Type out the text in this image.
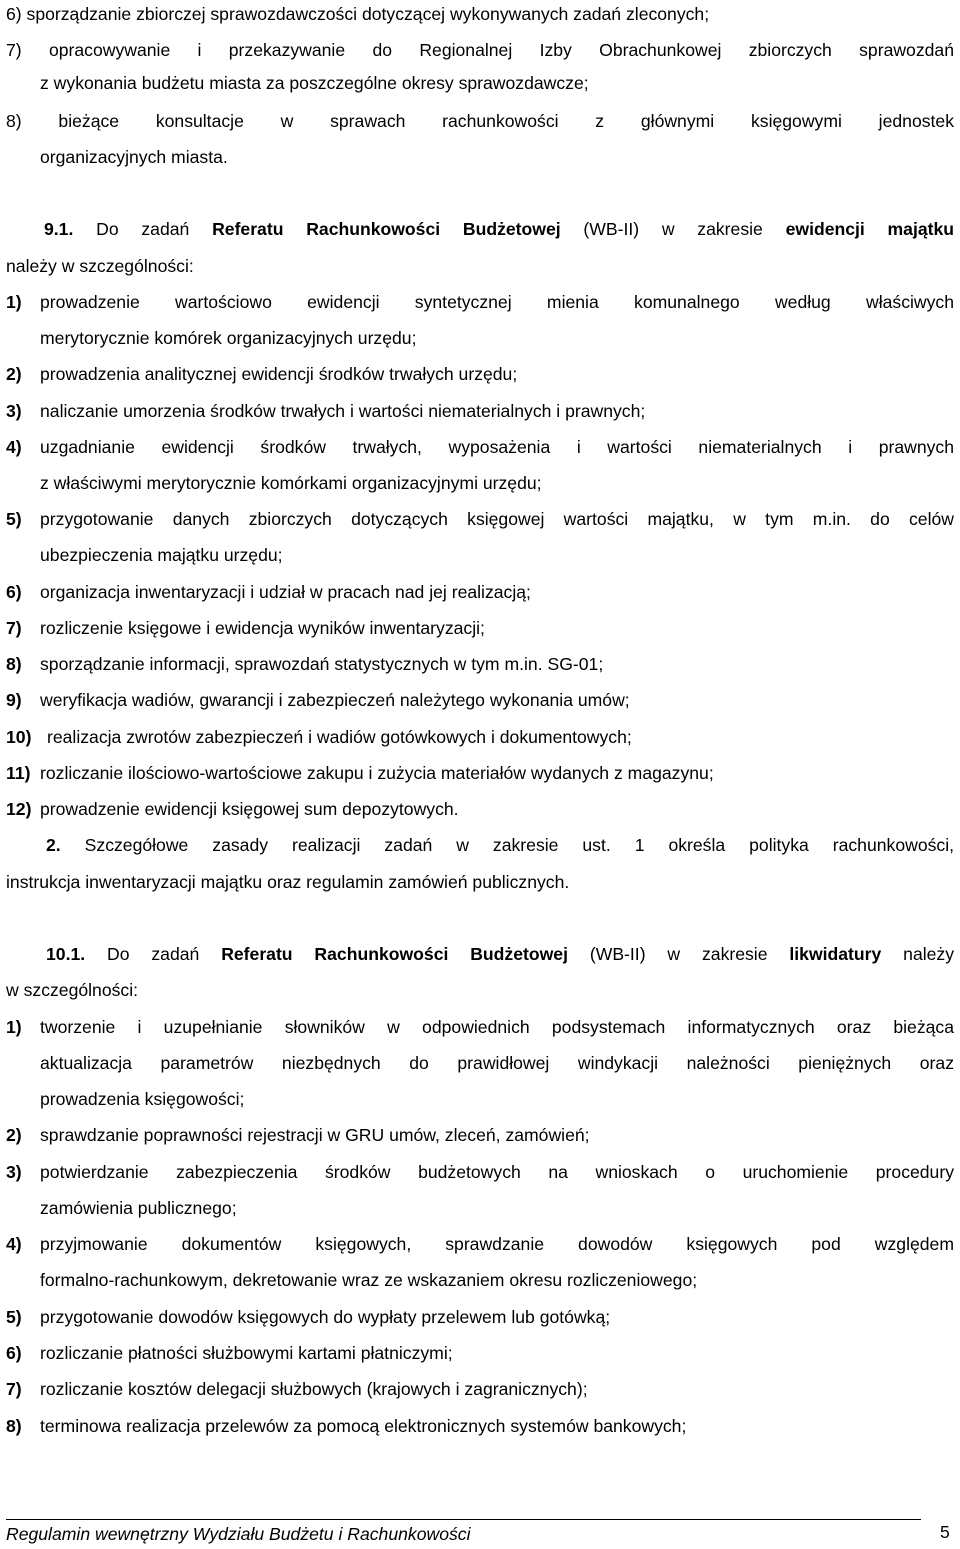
6) sporządzanie zbiorczej sprawozdawczości dotyczącej wykonywanych zadań zleconych;
7) opracowywanie i przekazywanie do Regionalnej Izby Obrachunkowej zbiorczych sprawozdań
z wykonania budżetu miasta za poszczególne okresy sprawozdawcze;
8) bieżące konsultacje w sprawach rachunkowości z głównymi księgowymi jednostek
organizacyjnych miasta.
9.1. Do zadań Referatu Rachunkowości Budżetowej (WB-II) w zakresie ewidencji majątku
należy w szczególności:
1) prowadzenie wartościowo ewidencji syntetycznej mienia komunalnego według właściwych
merytorycznie komórek organizacyjnych urzędu;
2) prowadzenia analitycznej ewidencji środków trwałych urzędu;
3) naliczanie umorzenia środków trwałych i wartości niematerialnych i prawnych;
4) uzgadnianie ewidencji środków trwałych, wyposażenia i wartości niematerialnych i prawnych
z właściwymi merytorycznie komórkami organizacyjnymi urzędu;
5) przygotowanie danych zbiorczych dotyczących księgowej wartości majątku, w tym m.in. do celów
ubezpieczenia majątku urzędu;
6) organizacja inwentaryzacji i udział w pracach nad jej realizacją;
7) rozliczenie księgowe i ewidencja wyników inwentaryzacji;
8) sporządzanie informacji, sprawozdań statystycznych w tym m.in. SG-01;
9) weryfikacja wadiów, gwarancji i zabezpieczeń należytego wykonania umów;
10) realizacja zwrotów zabezpieczeń i wadiów gotówkowych i dokumentowych;
11) rozliczanie ilościowo-wartościowe zakupu i zużycia materiałów wydanych z magazynu;
12) prowadzenie ewidencji księgowej sum depozytowych.
2. Szczegółowe zasady realizacji zadań w zakresie ust. 1 określa polityka rachunkowości,
instrukcja inwentaryzacji majątku oraz regulamin zamówień publicznych.
10.1. Do zadań Referatu Rachunkowości Budżetowej (WB-II) w zakresie likwidatury należy
w szczególności:
1) tworzenie i uzupełnianie słowników w odpowiednich podsystemach informatycznych oraz bieżąca
aktualizacja parametrów niezbędnych do prawidłowej windykacji należności pieniężnych oraz
prowadzenia księgowości;
2) sprawdzanie poprawności rejestracji w GRU umów, zleceń, zamówień;
3) potwierdzanie zabezpieczenia środków budżetowych na wnioskach o uruchomienie procedury
zamówienia publicznego;
4) przyjmowanie dokumentów księgowych, sprawdzanie dowodów księgowych pod względem
formalno-rachunkowym, dekretowanie wraz ze wskazaniem okresu rozliczeniowego;
5) przygotowanie dowodów księgowych do wypłaty przelewem lub gotówką;
6) rozliczanie płatności służbowymi kartami płatniczymi;
7) rozliczanie kosztów delegacji służbowych (krajowych i zagranicznych);
8) terminowa realizacja przelewów za pomocą elektronicznych systemów bankowych;
Regulamin wewnętrzny Wydziału Budżetu i Rachunkowości	5
